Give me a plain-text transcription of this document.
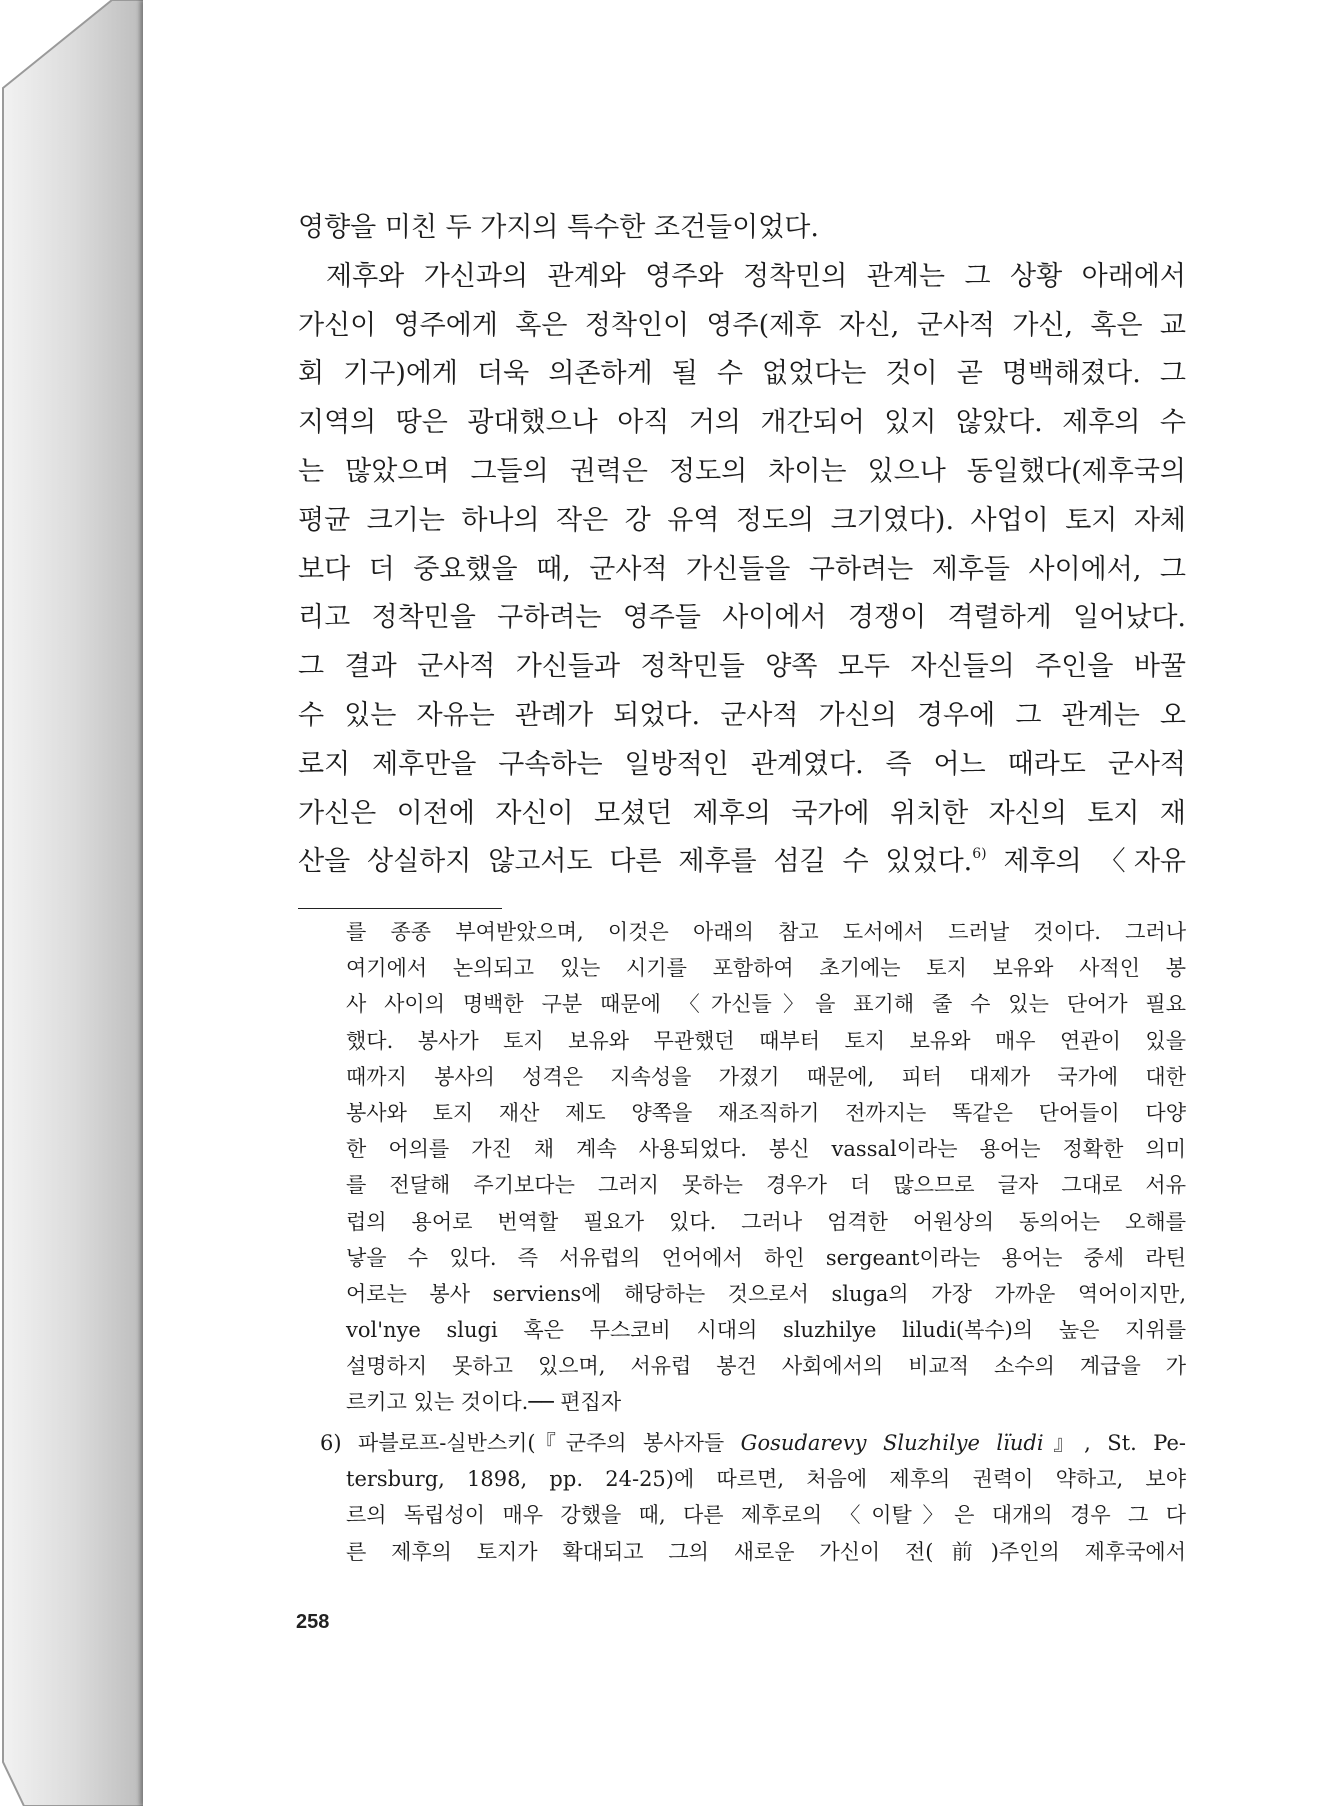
영향을 미친 두 가지의 특수한 조건들이었다.
제후와 가신과의 관계와 영주와 정착민의 관계는 그 상황 아래에서
가신이 영주에게 혹은 정착인이 영주(제후 자신, 군사적 가신, 혹은 교
회 기구)에게 더욱 의존하게 될 수 없었다는 것이 곧 명백해졌다. 그
지역의 땅은 광대했으나 아직 거의 개간되어 있지 않았다. 제후의 수
는 많았으며 그들의 권력은 정도의 차이는 있으나 동일했다(제후국의
평균 크기는 하나의 작은 강 유역 정도의 크기였다). 사업이 토지 자체
보다 더 중요했을 때, 군사적 가신들을 구하려는 제후들 사이에서, 그
리고 정착민을 구하려는 영주들 사이에서 경쟁이 격렬하게 일어났다.
그 결과 군사적 가신들과 정착민들 양쪽 모두 자신들의 주인을 바꿀
수 있는 자유는 관례가 되었다. 군사적 가신의 경우에 그 관계는 오
로지 제후만을 구속하는 일방적인 관계였다. 즉 어느 때라도 군사적
가신은 이전에 자신이 모셨던 제후의 국가에 위치한 자신의 토지 재
산을 상실하지 않고서도 다른 제후를 섬길 수 있었다.$^{6)}$ 제후의 〈자유
를 종종 부여받았으며, 이것은 아래의 참고 도서에서 드러날 것이다. 그러나
여기에서 논의되고 있는 시기를 포함하여 초기에는 토지 보유와 사적인 봉
사 사이의 명백한 구분 때문에 〈가신들〉을 표기해 줄 수 있는 단어가 필요
했다. 봉사가 토지 보유와 무관했던 때부터 토지 보유와 매우 연관이 있을
때까지 봉사의 성격은 지속성을 가졌기 때문에, 피터 대제가 국가에 대한
봉사와 토지 재산 제도 양쪽을 재조직하기 전까지는 똑같은 단어들이 다양
한 어의를 가진 채 계속 사용되었다. 봉신 vassal이라는 용어는 정확한 의미
를 전달해 주기보다는 그러지 못하는 경우가 더 많으므로 글자 그대로 서유
럽의 용어로 번역할 필요가 있다. 그러나 엄격한 어원상의 동의어는 오해를
낳을 수 있다. 즉 서유럽의 언어에서 하인 sergeant이라는 용어는 중세 라틴
어로는 봉사 serviens에 해당하는 것으로서 sluga의 가장 가까운 역어이지만,
vol'nye slugi 혹은 무스코비 시대의 sluzhilye liludi(복수)의 높은 지위를
설명하지 못하고 있으며, 서유럽 봉건 사회에서의 비교적 소수의 계급을 가
르키고 있는 것이다.── 편집자
6) 파블로프-실반스키(『군주의 봉사자들 Gosudarevy Sluzhilye lïudi』, St. Pe-
tersburg, 1898, pp. 24-25)에 따르면, 처음에 제후의 권력이 약하고, 보야
르의 독립성이 매우 강했을 때, 다른 제후로의 〈이탈〉은 대개의 경우 그 다
른 제후의 토지가 확대되고 그의 새로운 가신이 전(前)주인의 제후국에서
258
